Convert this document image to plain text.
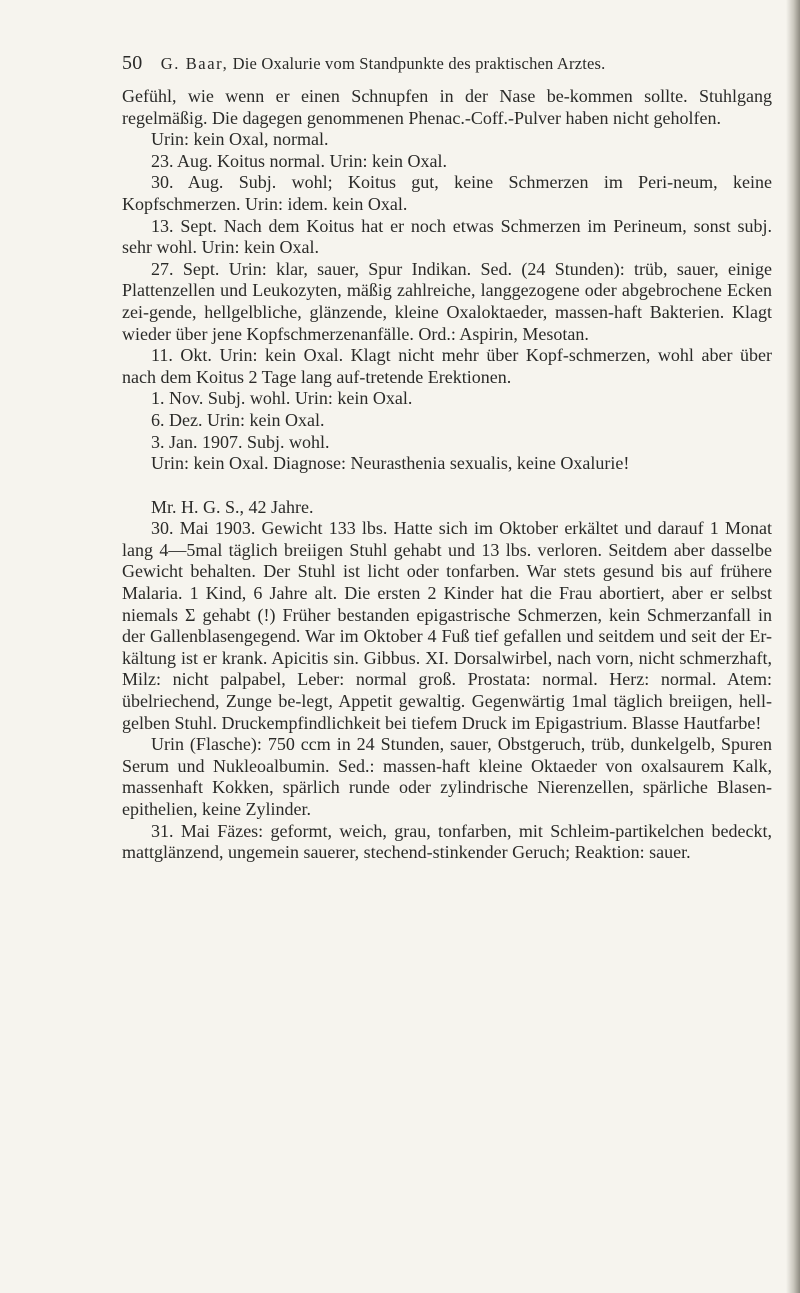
50 G. Baar, Die Oxalurie vom Standpunkte des praktischen Arztes.

Gefühl, wie wenn er einen Schnupfen in der Nase be-kommen sollte. Stuhlgang regelmäßig. Die dagegen genommenen Phenac.-Coff.-Pulver haben nicht geholfen.

Urin: kein Oxal, normal.

23. Aug. Koitus normal. Urin: kein Oxal.

30. Aug. Subj. wohl; Koitus gut, keine Schmerzen im Peri-neum, keine Kopfschmerzen. Urin: idem. kein Oxal.

13. Sept. Nach dem Koitus hat er noch etwas Schmerzen im Perineum, sonst subj. sehr wohl. Urin: kein Oxal.

27. Sept. Urin: klar, sauer, Spur Indikan. Sed. (24 Stunden): trüb, sauer, einige Plattenzellen und Leukozyten, mäßig zahlreiche, langgezogene oder abgebrochene Ecken zei-gende, hellgelbliche, glänzende, kleine Oxaloktaeder, massen-haft Bakterien. Klagt wieder über jene Kopfschmerzenanfälle. Ord.: Aspirin, Mesotan.

11. Okt. Urin: kein Oxal. Klagt nicht mehr über Kopf-schmerzen, wohl aber über nach dem Koitus 2 Tage lang auf-tretende Erektionen.

1. Nov. Subj. wohl. Urin: kein Oxal.

6. Dez. Urin: kein Oxal.

3. Jan. 1907. Subj. wohl.

Urin: kein Oxal. Diagnose: Neurasthenia sexualis, keine Oxalurie!

Mr. H. G. S., 42 Jahre.

30. Mai 1903. Gewicht 133 lbs. Hatte sich im Oktober erkältet und darauf 1 Monat lang 4—5mal täglich breiigen Stuhl gehabt und 13 lbs. verloren. Seitdem aber dasselbe Gewicht behalten. Der Stuhl ist licht oder tonfarben. War stets gesund bis auf frühere Malaria. 1 Kind, 6 Jahre alt. Die ersten 2 Kinder hat die Frau abortiert, aber er selbst niemals Σ gehabt (!) Früher bestanden epigastrische Schmerzen, kein Schmerzanfall in der Gallenblasengegend. War im Oktober 4 Fuß tief gefallen und seitdem und seit der Er-kältung ist er krank. Apicitis sin. Gibbus. XI. Dorsalwirbel, nach vorn, nicht schmerzhaft, Milz: nicht palpabel, Leber: normal groß. Prostata: normal. Herz: normal. Atem: übelriechend, Zunge be-legt, Appetit gewaltig. Gegenwärtig 1mal täglich breiigen, hell-gelben Stuhl. Druckempfindlichkeit bei tiefem Druck im Epigastrium. Blasse Hautfarbe!

Urin (Flasche): 750 ccm in 24 Stunden, sauer, Obstgeruch, trüb, dunkelgelb, Spuren Serum und Nukleoalbumin. Sed.: massen-haft kleine Oktaeder von oxalsaurem Kalk, massenhaft Kokken, spärlich runde oder zylindrische Nierenzellen, spärliche Blasen-epithelien, keine Zylinder.

31. Mai Fäzes: geformt, weich, grau, tonfarben, mit Schleim-partikelchen bedeckt, mattglänzend, ungemein sauerer, stechend-stinkender Geruch; Reaktion: sauer.
